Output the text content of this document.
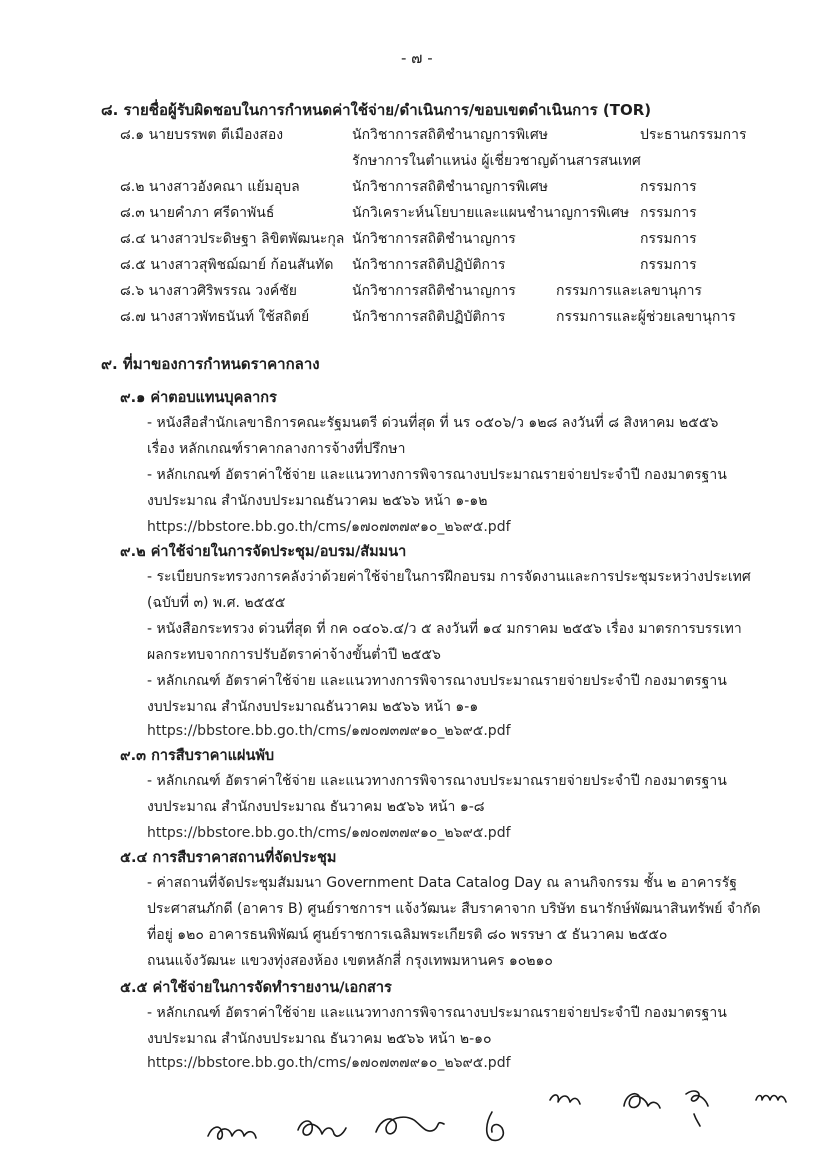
- ๗ -
๘. รายชื่อผู้รับผิดชอบในการกำหนดค่าใช้จ่าย/ดำเนินการ/ขอบเขตดำเนินการ (TOR)
๘.๑ นายบรรพต ตีเมืองสอง	นักวิชาการสถิติชำนาญการพิเศษ	ประธานกรรมการ
รักษาการในตำแหน่ง ผู้เชี่ยวชาญด้านสารสนเทศ
๘.๒ นางสาวอังคณา แย้มอุบล	นักวิชาการสถิติชำนาญการพิเศษ	กรรมการ
๘.๓ นายคำภา ศรีดาพันธ์	นักวิเคราะห์นโยบายและแผนชำนาญการพิเศษ กรรมการ
๘.๔ นางสาวประดิษฐา ลิขิตพัฒนะกุล นักวิชาการสถิติชำนาญการ	กรรมการ
๘.๕ นางสาวสุพิชฌ์ฌาย์ ก้อนสันทัด นักวิชาการสถิติปฏิบัติการ	กรรมการ
๘.๖ นางสาวศิริพรรณ วงค์ชัย	นักวิชาการสถิติชำนาญการ	กรรมการและเลขานุการ
๘.๗ นางสาวพัทธนันท์ ใช้สถิตย์	นักวิชาการสถิติปฏิบัติการ	กรรมการและผู้ช่วยเลขานุการ
๙. ที่มาของการกำหนดราคากลาง
๙.๑ ค่าตอบแทนบุคลากร
- หนังสือสำนักเลขาธิการคณะรัฐมนตรี ด่วนที่สุด ที่ นร ๐๕๐๖/ว ๑๒๘ ลงวันที่ ๘ สิงหาคม ๒๕๕๖
เรื่อง หลักเกณฑ์ราคากลางการจ้างที่ปรึกษา
- หลักเกณฑ์ อัตราค่าใช้จ่าย และแนวทางการพิจารณางบประมาณรายจ่ายประจำปี กองมาตรฐาน
งบประมาณ สำนักงบประมาณธันวาคม ๒๕๖๖ หน้า ๑-๑๒
https://bbstore.bb.go.th/cms/๑๗๐๗๓๗๙๑๐_๒๖๙๕.pdf
๙.๒ ค่าใช้จ่ายในการจัดประชุม/อบรม/สัมมนา
- ระเบียบกระทรวงการคลังว่าด้วยค่าใช้จ่ายในการฝึกอบรม การจัดงานและการประชุมระหว่างประเทศ
(ฉบับที่ ๓) พ.ศ. ๒๕๕๕
- หนังสือกระทรวง ด่วนที่สุด ที่ กค ๐๔๐๖.๔/ว ๕ ลงวันที่ ๑๔ มกราคม ๒๕๕๖ เรื่อง มาตรการบรรเทา
ผลกระทบจากการปรับอัตราค่าจ้างขั้นต่ำปี ๒๕๕๖
- หลักเกณฑ์ อัตราค่าใช้จ่าย และแนวทางการพิจารณางบประมาณรายจ่ายประจำปี กองมาตรฐาน
งบประมาณ สำนักงบประมาณธันวาคม ๒๕๖๖ หน้า ๑-๑
https://bbstore.bb.go.th/cms/๑๗๐๗๓๗๙๑๐_๒๖๙๕.pdf
๙.๓ การสืบราคาแผ่นพับ
- หลักเกณฑ์ อัตราค่าใช้จ่าย และแนวทางการพิจารณางบประมาณรายจ่ายประจำปี กองมาตรฐาน
งบประมาณ สำนักงบประมาณ ธันวาคม ๒๕๖๖ หน้า ๑-๘
https://bbstore.bb.go.th/cms/๑๗๐๗๓๗๙๑๐_๒๖๙๕.pdf
๕.๔ การสืบราคาสถานที่จัดประชุม
- ค่าสถานที่จัดประชุมสัมมนา Government Data Catalog Day ณ ลานกิจกรรม ชั้น ๒ อาคารรัฐ
ประศาสนภักดี (อาคาร B) ศูนย์ราชการฯ แจ้งวัฒนะ สืบราคาจาก บริษัท ธนารักษ์พัฒนาสินทรัพย์ จำกัด
ที่อยู่ ๑๒๐ อาคารธนพิพัฒน์ ศูนย์ราชการเฉลิมพระเกียรติ ๘๐ พรรษา ๕ ธันวาคม ๒๕๕๐
ถนนแจ้งวัฒนะ แขวงทุ่งสองห้อง เขตหลักสี่ กรุงเทพมหานคร ๑๐๒๑๐
๕.๕ ค่าใช้จ่ายในการจัดทำรายงาน/เอกสาร
- หลักเกณฑ์ อัตราค่าใช้จ่าย และแนวทางการพิจารณางบประมาณรายจ่ายประจำปี กองมาตรฐาน
งบประมาณ สำนักงบประมาณ ธันวาคม ๒๕๖๖ หน้า ๒-๑๐
https://bbstore.bb.go.th/cms/๑๗๐๗๓๗๙๑๐_๒๖๙๕.pdf
